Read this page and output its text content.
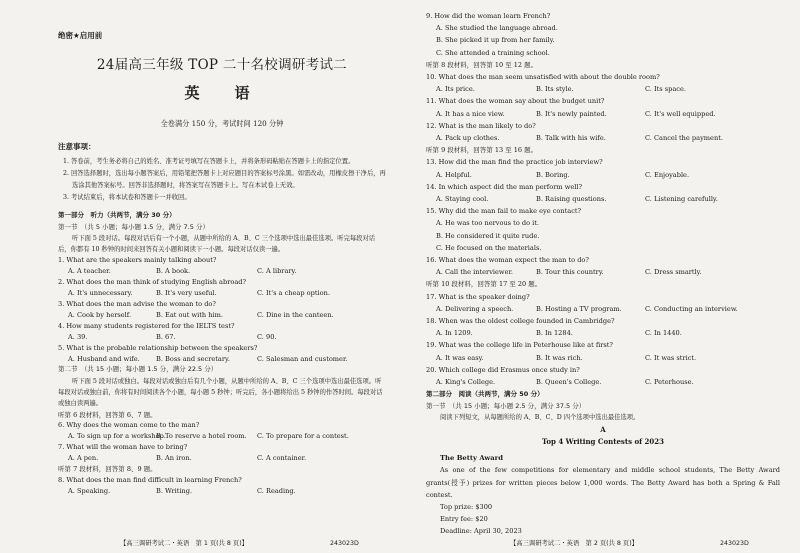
绝密★启用前
24届高三年级 TOP 二十名校调研考试二
英　语
全卷满分 150 分，考试时间 120 分钟
注意事项：
1. 答卷前，考生务必将自己的姓名、准考证号填写在答题卡上，并将条形码粘贴在答题卡上的指定位置。
2. 回答选择题时，选出每小题答案后，用铅笔把答题卡上对应题目的答案标号涂黑。如需改动，用橡皮擦干净后，再选涂其他答案标号。回答非选择题时，将答案写在答题卡上。写在本试卷上无效。
3. 考试结束后，将本试卷和答题卡一并收回。
第一部分　听力（共两节，满分 30 分）
第一节　（共 5 小题；每小题 1.5 分，满分 7.5 分）
听下面 5 段对话。每段对话后有一个小题，从题中所给的 A、B、C 三个选项中选出最佳选项。听完每段对话后，你都有 10 秒钟的时间来回答有关小题和阅读下一小题。每段对话仅读一遍。
1. What are the speakers mainly talking about?
A. A teacher.	B. A book.	C. A library.
2. What does the man think of studying English abroad?
A. It's unnecessary.	B. It's very useful.	C. It's a cheap option.
3. What does the man advise the woman to do?
A. Cook by herself.	B. Eat out with him.	C. Dine in the canteen.
4. How many students registered for the IELTS test?
A. 39.	B. 67.	C. 90.
5. What is the probable relationship between the speakers?
A. Husband and wife.	B. Boss and secretary.	C. Salesman and customer.
第二节　（共 15 小题；每小题 1.5 分，满分 22.5 分）
听下面 5 段对话或独白。每段对话或独白后有几个小题，从题中所给的 A、B、C 三个选项中选出最佳选项。听每段对话或独白前，你将有时间阅读各个小题，每小题 5 秒钟；听完后，各小题将给出 5 秒钟的作答时间。每段对话或独白读两遍。
听第 6 段材料，回答第 6、7 题。
6. Why does the woman come to the man?
A. To sign up for a workshop.
B. To reserve a hotel room.	C. To prepare for a contest.
7. What will the woman have to bring?
A. A pen.	B. An iron.	C. A container.
听第 7 段材料，回答第 8、9 题。
8. What does the man find difficult in learning French?
A. Speaking.	B. Writing.	C. Reading.
【高三调研考试二・英语　第 1 页(共 8 页)】	243023D
9. How did the woman learn French?
A. She studied the language abroad.
B. She picked it up from her family.
C. She attended a training school.
听第 8 段材料，回答第 10 至 12 题。
10. What does the man seem unsatisfied with about the double room?
A. Its price.	B. Its style.	C. Its space.
11. What does the woman say about the budget unit?
A. It has a nice view.	B. It's newly painted.	C. It's well equipped.
12. What is the man likely to do?
A. Pack up clothes.	B. Talk with his wife.	C. Cancel the payment.
听第 9 段材料，回答第 13 至 16 题。
13. How did the man find the practice job interview?
A. Helpful.	B. Boring.	C. Enjoyable.
14. In which aspect did the man perform well?
A. Staying cool.	B. Raising questions.	C. Listening carefully.
15. Why did the man fail to make eye contact?
A. He was too nervous to do it.
B. He considered it quite rude.
C. He focused on the materials.
16. What does the woman expect the man to do?
A. Call the interviewer.	B. Tour this country.	C. Dress smartly.
听第 10 段材料，回答第 17 至 20 题。
17. What is the speaker doing?
A. Delivering a speech.	B. Hosting a TV program.	C. Conducting an interview.
18. When was the oldest college founded in Cambridge?
A. In 1209.	B. In 1284.	C. In 1440.
19. What was the college life in Peterhouse like at first?
A. It was easy.	B. It was rich.	C. It was strict.
20. Which college did Erasmus once study in?
A. King's College.	B. Queen's College.	C. Peterhouse.
第二部分　阅读（共两节，满分 50 分）
第一节　（共 15 小题；每小题 2.5 分，满分 37.5 分）
阅读下列短文，从每题所给的 A、B、C、D 四个选项中选出最佳选项。
A
Top 4 Writing Contests of 2023
The Betty Award
As one of the few competitions for elementary and middle school students, The Betty Award grants(授予) prizes for written pieces below 1,000 words. The Betty Award has both a Spring & Fall contest.
Top prize: $300
Entry fee: $20
Deadline: April 30, 2023
【高三调研考试二・英语　第 2 页(共 8 页)】	243023D
